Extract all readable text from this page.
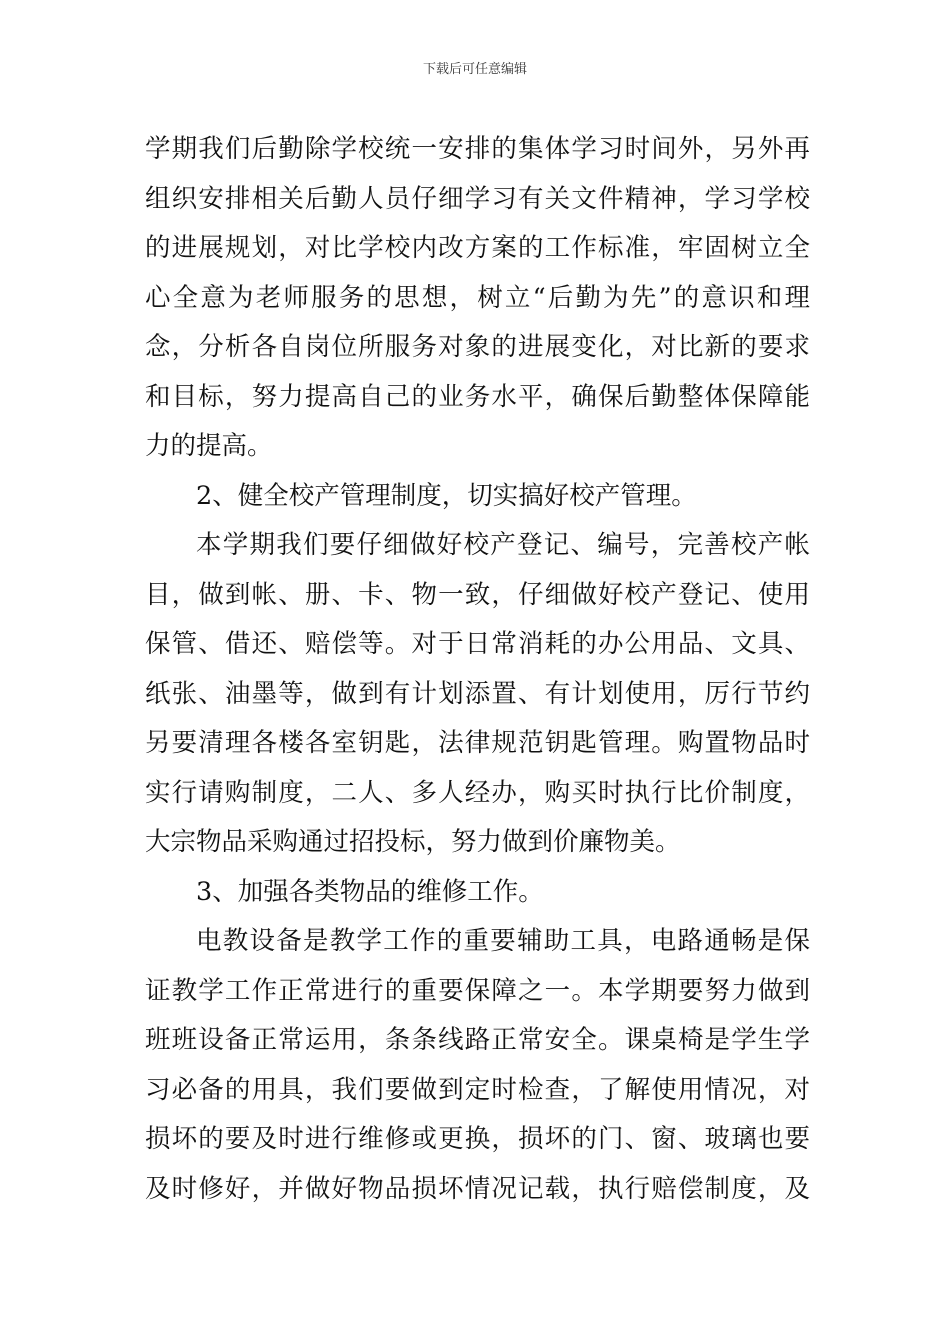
下载后可任意编辑
学期我们后勤除学校统一安排的集体学习时间外，另外再
组织安排相关后勤人员仔细学习有关文件精神，学习学校
的进展规划，对比学校内改方案的工作标准，牢固树立全
心全意为老师服务的思想，树立“后勤为先”的意识和理
念，分析各自岗位所服务对象的进展变化，对比新的要求
和目标，努力提高自己的业务水平，确保后勤整体保障能
力的提高。
2、健全校产管理制度，切实搞好校产管理。
本学期我们要仔细做好校产登记、编号，完善校产帐
目，做到帐、册、卡、物一致，仔细做好校产登记、使用
保管、借还、赔偿等。对于日常消耗的办公用品、文具、
纸张、油墨等，做到有计划添置、有计划使用，厉行节约
另要清理各楼各室钥匙，法律规范钥匙管理。购置物品时
实行请购制度，二人、多人经办，购买时执行比价制度，
大宗物品采购通过招投标，努力做到价廉物美。
3、加强各类物品的维修工作。
电教设备是教学工作的重要辅助工具，电路通畅是保
证教学工作正常进行的重要保障之一。本学期要努力做到
班班设备正常运用，条条线路正常安全。课桌椅是学生学
习必备的用具，我们要做到定时检查，了解使用情况，对
损坏的要及时进行维修或更换，损坏的门、窗、玻璃也要
及时修好，并做好物品损坏情况记载，执行赔偿制度，及
